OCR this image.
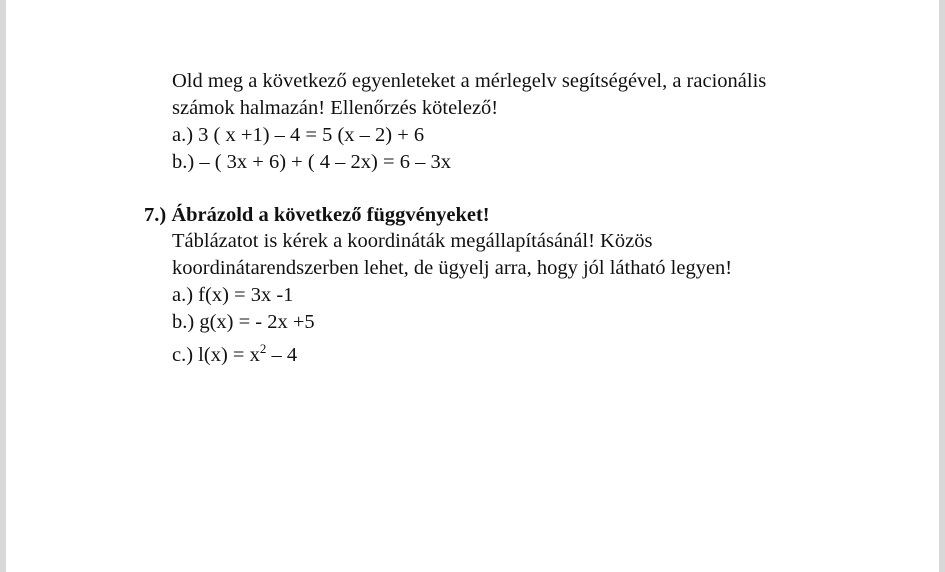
Old meg a következő egyenleteket a mérlegelv segítségével, a racionális
számok halmazán! Ellenőrzés kötelező!
a.) 3 ( x +1) – 4 = 5 (x – 2) + 6
b.) – ( 3x + 6) + ( 4 – 2x) = 6 – 3x
7.) Ábrázold a következő függvényeket!
Táblázatot is kérek a koordináták megállapításánál! Közös
koordinátarendszerben lehet, de ügyelj arra, hogy jól látható legyen!
a.) f(x) = 3x -1
b.) g(x) = - 2x +5
c.) $l(x) = x^2 - 4$
